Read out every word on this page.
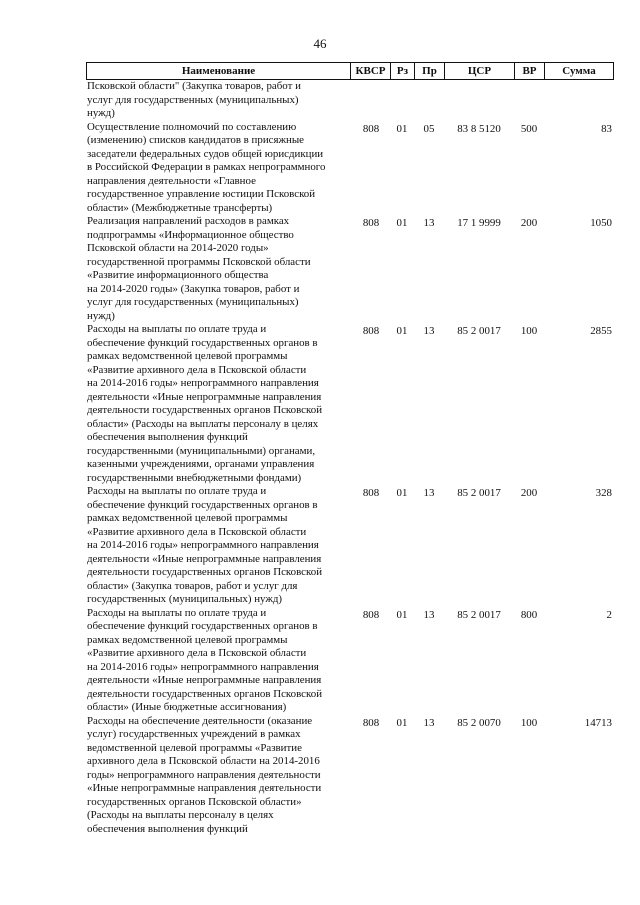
46
Наименование	КВСР	Рз	Пр	ЦСР	ВР	Сумма
Псковской области" (Закупка товаров, работ и
услуг для государственных (муниципальных)
нужд)
Осуществление полномочий по составлению
(изменению) списков кандидатов в присяжные
заседатели федеральных судов общей юрисдикции
в Российской Федерации в рамках непрограммного
направления деятельности «Главное
государственное управление юстиции Псковской
области» (Межбюджетные трансферты)
808	01	05	83 8 5120	500	83
Реализация направлений расходов в рамках
подпрограммы «Информационное общество
Псковской области на 2014-2020 годы»
государственной программы Псковской области
«Развитие информационного общества
на 2014-2020 годы» (Закупка товаров, работ и
услуг для государственных (муниципальных)
нужд)
808	01	13	17 1 9999	200	1050
Расходы на выплаты по оплате труда и
обеспечение функций государственных органов в
рамках ведомственной целевой программы
«Развитие архивного дела в Псковской области
на 2014-2016 годы» непрограммного направления
деятельности «Иные непрограммные направления
деятельности государственных органов Псковской
области» (Расходы на выплаты персоналу в целях
обеспечения выполнения функций
государственными (муниципальными) органами,
казенными учреждениями, органами управления
государственными внебюджетными фондами)
808	01	13	85 2 0017	100	2855
Расходы на выплаты по оплате труда и
обеспечение функций государственных органов в
рамках ведомственной целевой программы
«Развитие архивного дела в Псковской области
на 2014-2016 годы» непрограммного направления
деятельности «Иные непрограммные направления
деятельности государственных органов Псковской
области» (Закупка товаров, работ и услуг для
государственных (муниципальных) нужд)
808	01	13	85 2 0017	200	328
Расходы на выплаты по оплате труда и
обеспечение функций государственных органов в
рамках ведомственной целевой программы
«Развитие архивного дела в Псковской области
на 2014-2016 годы» непрограммного направления
деятельности «Иные непрограммные направления
деятельности государственных органов Псковской
области» (Иные бюджетные ассигнования)
808	01	13	85 2 0017	800	2
Расходы на обеспечение деятельности (оказание
услуг) государственных учреждений в рамках
ведомственной целевой программы «Развитие
архивного дела в Псковской области на 2014-2016
годы» непрограммного направления деятельности
«Иные непрограммные направления деятельности
государственных органов Псковской области»
(Расходы на выплаты персоналу в целях
обеспечения выполнения функций
808	01	13	85 2 0070	100	14713
